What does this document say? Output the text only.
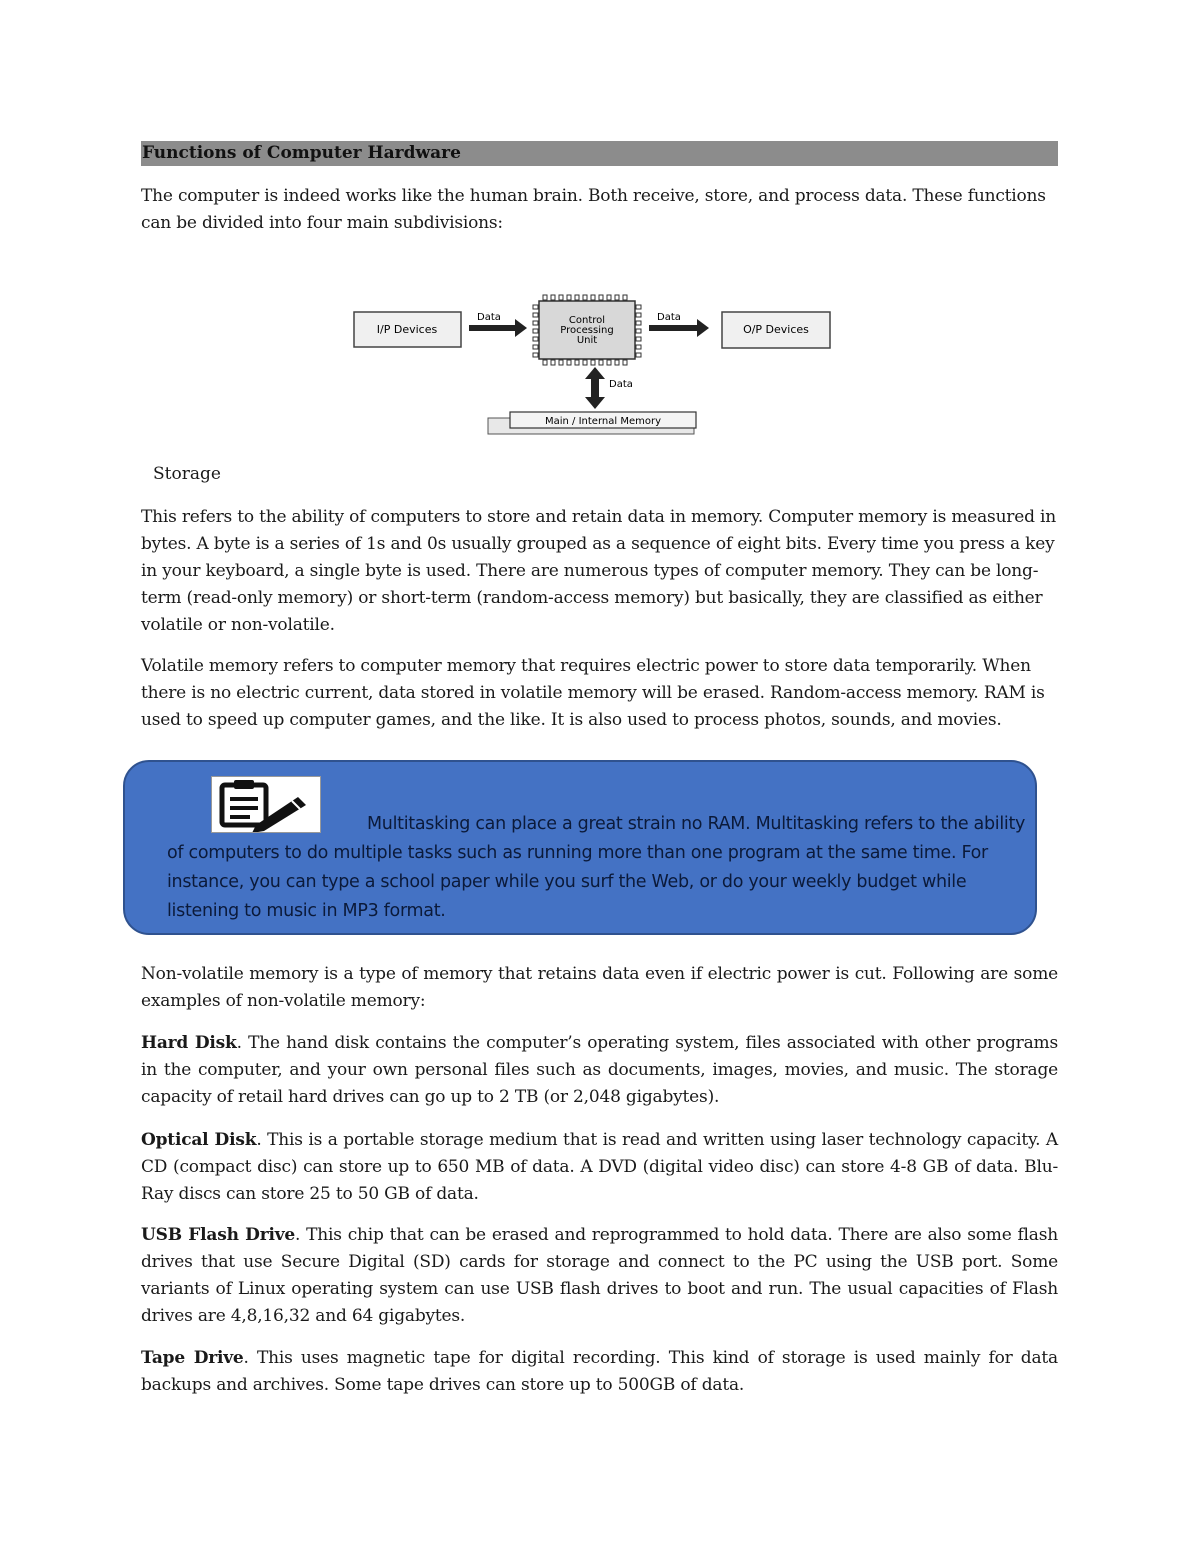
Functions of Computer Hardware

The computer is indeed works like the human brain. Both receive, store, and process data. These functions can be divided into four main subdivisions:

I/P Devices
Data	Control
Processing
Unit
Data
O/P Devices
Data
Main / Internal Memory
Storage

This refers to the ability of computers to store and retain data in memory. Computer memory is measured in bytes. A byte is a series of 1s and 0s usually grouped as a sequence of eight bits. Every time you press a key in your keyboard, a single byte is used. There are numerous types of computer memory. They can be long-term (read-only memory) or short-term (random-access memory) but basically, they are classified as either volatile or non-volatile.

Volatile memory refers to computer memory that requires electric power to store data temporarily. When there is no electric current, data stored in volatile memory will be erased. Random-access memory. RAM is used to speed up computer games, and the like. It is also used to process photos, sounds, and movies.

Multitasking can place a great strain no RAM. Multitasking refers to the ability of computers to do multiple tasks such as running more than one program at the same time. For instance, you can type a school paper while you surf the Web, or do your weekly budget while listening to music in MP3 format.

Non-volatile memory is a type of memory that retains data even if electric power is cut. Following are some examples of non-volatile memory:

Hard Disk. The hand disk contains the computer’s operating system, files associated with other programs in the computer, and your own personal files such as documents, images, movies, and music. The storage capacity of retail hard drives can go up to 2 TB (or 2,048 gigabytes).

Optical Disk. This is a portable storage medium that is read and written using laser technology capacity. A CD (compact disc) can store up to 650 MB of data. A DVD (digital video disc) can store 4-8 GB of data. Blu-Ray discs can store 25 to 50 GB of data.

USB Flash Drive. This chip that can be erased and reprogrammed to hold data. There are also some flash drives that use Secure Digital (SD) cards for storage and connect to the PC using the USB port. Some variants of Linux operating system can use USB flash drives to boot and run. The usual capacities of Flash drives are 4,8,16,32 and 64 gigabytes.

Tape Drive. This uses magnetic tape for digital recording. This kind of storage is used mainly for data backups and archives. Some tape drives can store up to 500GB of data.
